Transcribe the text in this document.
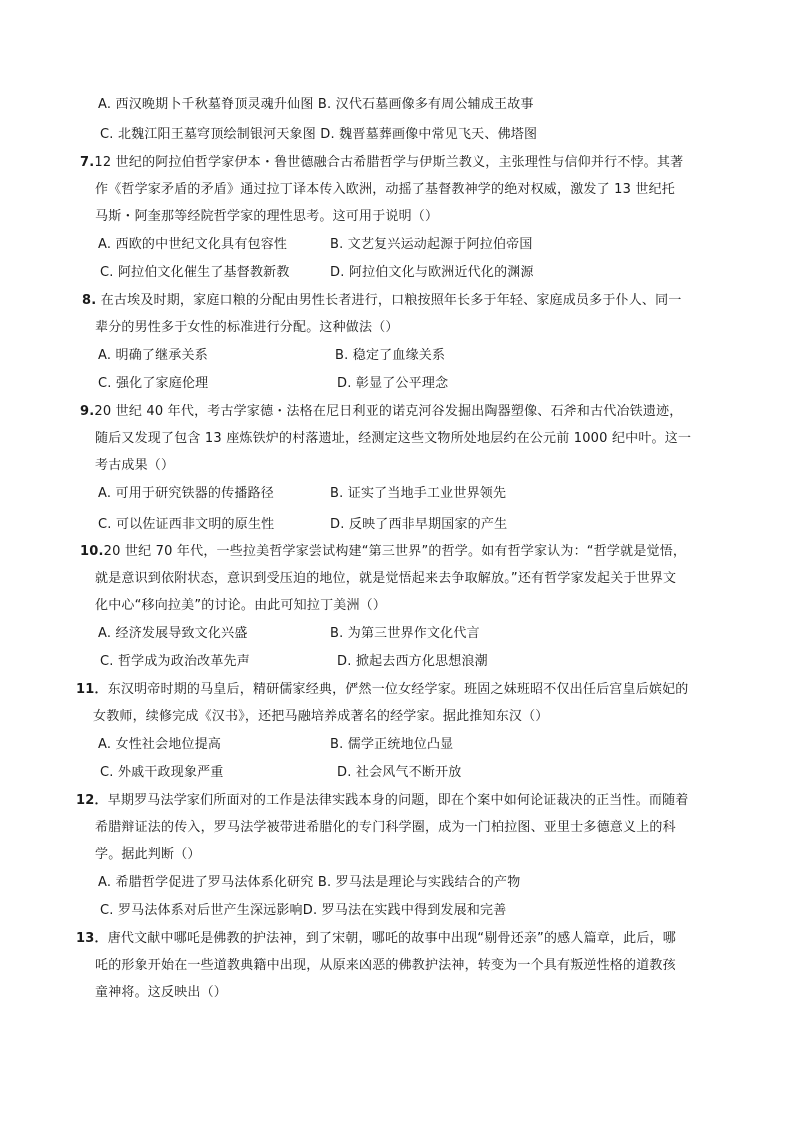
A. 西汉晚期卜千秋墓脊顶灵魂升仙图 B. 汉代石墓画像多有周公辅成王故事
C. 北魏江阳王墓穹顶绘制银河天象图 D. 魏晋墓葬画像中常见飞天、佛塔图
7.12 世纪的阿拉伯哲学家伊本・鲁世德融合古希腊哲学与伊斯兰教义，主张理性与信仰并行不悖。其著
作《哲学家矛盾的矛盾》通过拉丁译本传入欧洲，动摇了基督教神学的绝对权威，激发了 13 世纪托
马斯・阿奎那等经院哲学家的理性思考。这可用于说明（）
A. 西欧的中世纪文化具有包容性	B. 文艺复兴运动起源于阿拉伯帝国
C. 阿拉伯文化催生了基督教新教	D. 阿拉伯文化与欧洲近代化的渊源
8. 在古埃及时期，家庭口粮的分配由男性长者进行，口粮按照年长多于年轻、家庭成员多于仆人、同一
辈分的男性多于女性的标准进行分配。这种做法（）
A. 明确了继承关系	B. 稳定了血缘关系
C. 强化了家庭伦理	D. 彰显了公平理念
9.20 世纪 40 年代，考古学家德・法格在尼日利亚的诺克河谷发掘出陶器塑像、石斧和古代冶铁遗迹，
随后又发现了包含 13 座炼铁炉的村落遗址，经测定这些文物所处地层约在公元前 1000 纪中叶。这一
考古成果（）
A. 可用于研究铁器的传播路径	B. 证实了当地手工业世界领先
C. 可以佐证西非文明的原生性	D. 反映了西非早期国家的产生
10.20 世纪 70 年代，一些拉美哲学家尝试构建“第三世界”的哲学。如有哲学家认为：“哲学就是觉悟，
就是意识到依附状态，意识到受压迫的地位，就是觉悟起来去争取解放。”还有哲学家发起关于世界文
化中心“移向拉美”的讨论。由此可知拉丁美洲（）
A. 经济发展导致文化兴盛	B. 为第三世界作文化代言
C. 哲学成为政治改革先声	D. 掀起去西方化思想浪潮
11．东汉明帝时期的马皇后，精研儒家经典，俨然一位女经学家。班固之妹班昭不仅出任后宫皇后嫔妃的
女教师，续修完成《汉书》，还把马融培养成著名的经学家。据此推知东汉（）
A. 女性社会地位提高	B. 儒学正统地位凸显
C. 外戚干政现象严重	D. 社会风气不断开放
12．早期罗马法学家们所面对的工作是法律实践本身的问题，即在个案中如何论证裁决的正当性。而随着
希腊辩证法的传入，罗马法学被带进希腊化的专门科学圈，成为一门柏拉图、亚里士多德意义上的科
学。据此判断（）
A. 希腊哲学促进了罗马法体系化研究 B. 罗马法是理论与实践结合的产物
C. 罗马法体系对后世产生深远影响D. 罗马法在实践中得到发展和完善
13．唐代文献中哪吒是佛教的护法神，到了宋朝，哪吒的故事中出现“剔骨还亲”的感人篇章，此后，哪
吒的形象开始在一些道教典籍中出现，从原来凶恶的佛教护法神，转变为一个具有叛逆性格的道教孩
童神将。这反映出（）
